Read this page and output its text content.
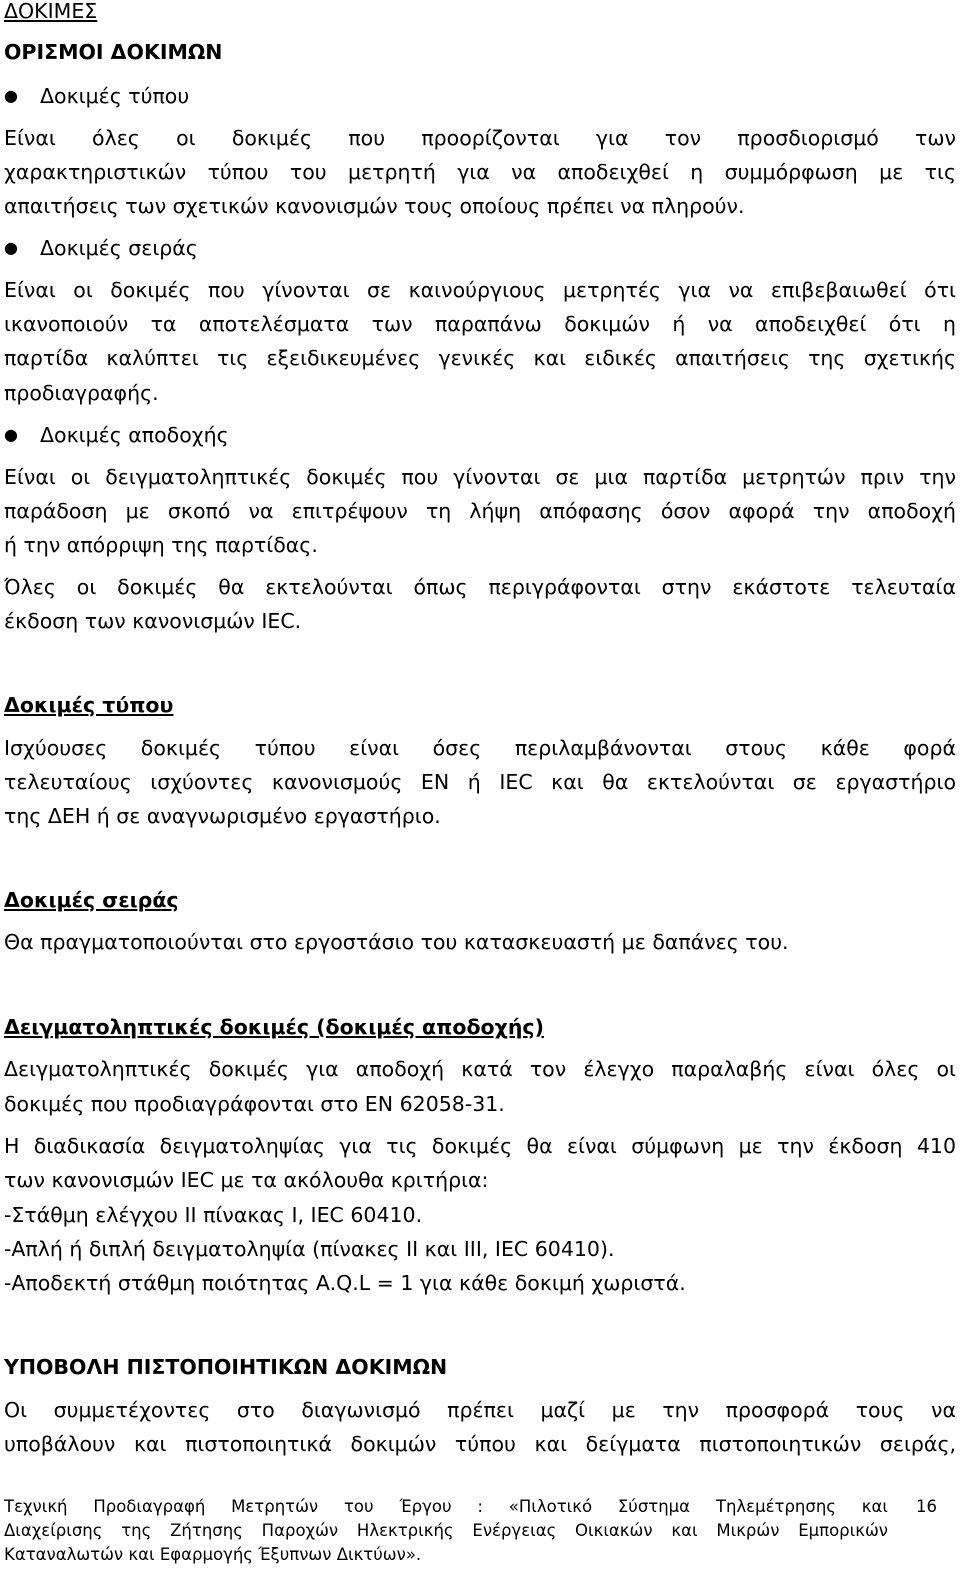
ΔΟΚΙΜΕΣ
ΟΡΙΣΜΟΙ ΔΟΚΙΜΩΝ
● Δοκιμές τύπου
Είναι όλες οι δοκιμές που προορίζονται για τον προσδιορισμό των
χαρακτηριστικών τύπου του μετρητή για να αποδειχθεί η συμμόρφωση με τις
απαιτήσεις των σχετικών κανονισμών τους οποίους πρέπει να πληρούν.
● Δοκιμές σειράς
Είναι οι δοκιμές που γίνονται σε καινούργιους μετρητές για να επιβεβαιωθεί ότι
ικανοποιούν τα αποτελέσματα των παραπάνω δοκιμών ή να αποδειχθεί ότι η
παρτίδα καλύπτει τις εξειδικευμένες γενικές και ειδικές απαιτήσεις της σχετικής
προδιαγραφής.
● Δοκιμές αποδοχής
Είναι οι δειγματοληπτικές δοκιμές που γίνονται σε μια παρτίδα μετρητών πριν την
παράδοση με σκοπό να επιτρέψουν τη λήψη απόφασης όσον αφορά την αποδοχή
ή την απόρριψη της παρτίδας.
Όλες οι δοκιμές θα εκτελούνται όπως περιγράφονται στην εκάστοτε τελευταία
έκδοση των κανονισμών IEC.
Δοκιμές τύπου
Ισχύουσες δοκιμές τύπου είναι όσες περιλαμβάνονται στους κάθε φορά
τελευταίους ισχύοντες κανονισμούς EN ή IEC και θα εκτελούνται σε εργαστήριο
της ΔΕΗ ή σε αναγνωρισμένο εργαστήριο.
Δοκιμές σειράς
Θα πραγματοποιούνται στο εργοστάσιο του κατασκευαστή με δαπάνες του.
Δειγματοληπτικές δοκιμές (δοκιμές αποδοχής)
Δειγματοληπτικές δοκιμές για αποδοχή κατά τον έλεγχο παραλαβής είναι όλες οι
δοκιμές που προδιαγράφονται στο EN 62058-31.
Η διαδικασία δειγματοληψίας για τις δοκιμές θα είναι σύμφωνη με την έκδοση 410
των κανονισμών IEC με τα ακόλουθα κριτήρια:
-Στάθμη ελέγχου II πίνακας I, IEC 60410.
-Απλή ή διπλή δειγματοληψία (πίνακες II και III, IEC 60410).
-Αποδεκτή στάθμη ποιότητας A.Q.L = 1 για κάθε δοκιμή χωριστά.
ΥΠΟΒΟΛΗ ΠΙΣΤΟΠΟΙΗΤΙΚΩΝ ΔΟΚΙΜΩΝ
Οι συμμετέχοντες στο διαγωνισμό πρέπει μαζί με την προσφορά τους να
υποβάλουν και πιστοποιητικά δοκιμών τύπου και δείγματα πιστοποιητικών σειράς,
Τεχνική Προδιαγραφή Μετρητών του Έργου : «Πιλοτικό Σύστημα Τηλεμέτρησης και
Διαχείρισης της Ζήτησης Παροχών Ηλεκτρικής Ενέργειας Οικιακών και Μικρών Εμπορικών
Καταναλωτών και Εφαρμογής Έξυπνων Δικτύων».
16
